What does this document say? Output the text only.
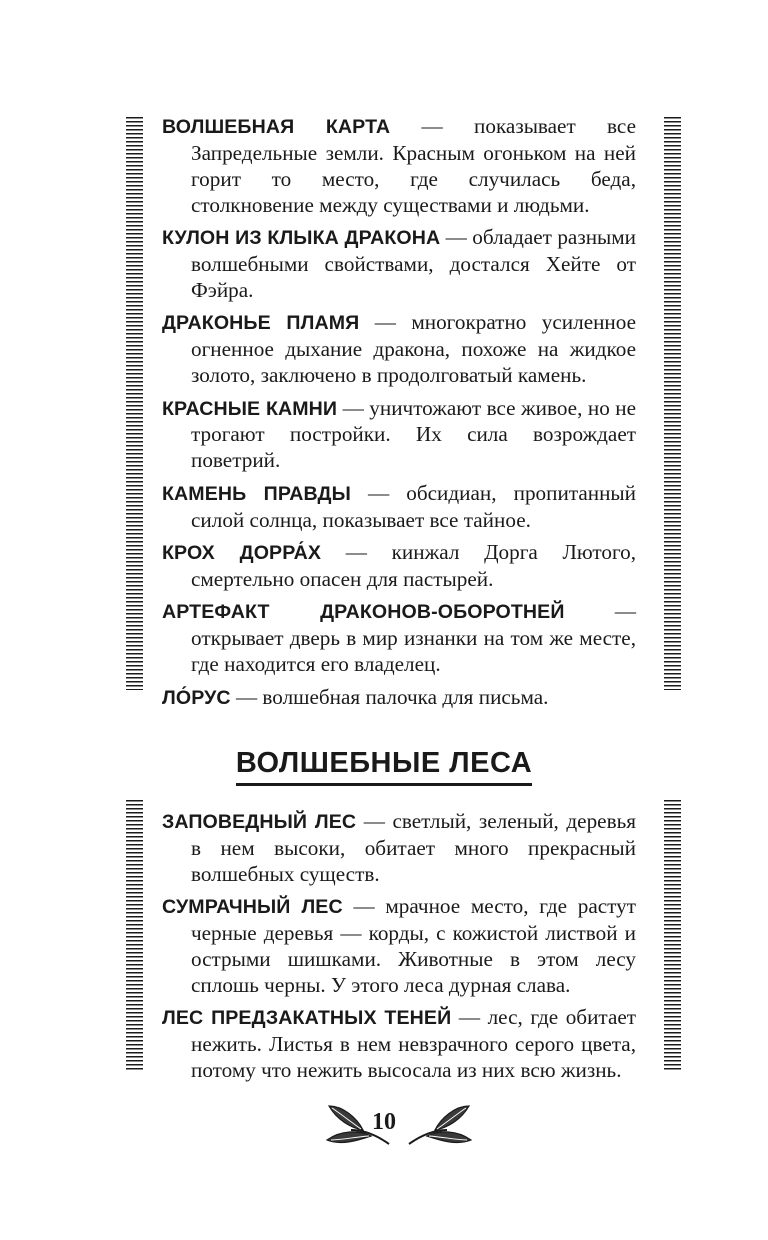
ВОЛШЕБНАЯ КАРТА — показывает все Запредельные земли. Красным огоньком на ней горит то место, где случилась беда, столкновение между существами и людьми.

КУЛОН ИЗ КЛЫКА ДРАКОНА — обладает разными волшебными свойствами, достался Хейте от Фэйра.

ДРАКОНЬЕ ПЛАМЯ — многократно усиленное огненное дыхание дракона, похоже на жидкое золото, заключено в продолговатый камень.

КРАСНЫЕ КАМНИ — уничтожают все живое, но не трогают постройки. Их сила возрождает поветрий.

КАМЕНЬ ПРАВДЫ — обсидиан, пропитанный силой солнца, показывает все тайное.

КРОХ ДОРРА́Х — кинжал Дорга Лютого, смертельно опасен для пастырей.

АРТЕФАКТ ДРАКОНОВ-ОБОРОТНЕЙ — открывает дверь в мир изнанки на том же месте, где находится его владелец.

ЛО́РУС — волшебная палочка для письма.

ВОЛШЕБНЫЕ ЛЕСА

ЗАПОВЕДНЫЙ ЛЕС — светлый, зеленый, деревья в нем высоки, обитает много прекрасный волшебных существ.

СУМРАЧНЫЙ ЛЕС — мрачное место, где растут черные деревья — корды, с кожистой листвой и острыми шишками. Животные в этом лесу сплошь черны. У этого леса дурная слава.

ЛЕС ПРЕДЗАКАТНЫХ ТЕНЕЙ — лес, где обитает нежить. Листья в нем невзрачного серого цвета, потому что нежить высосала из них всю жизнь.

10
